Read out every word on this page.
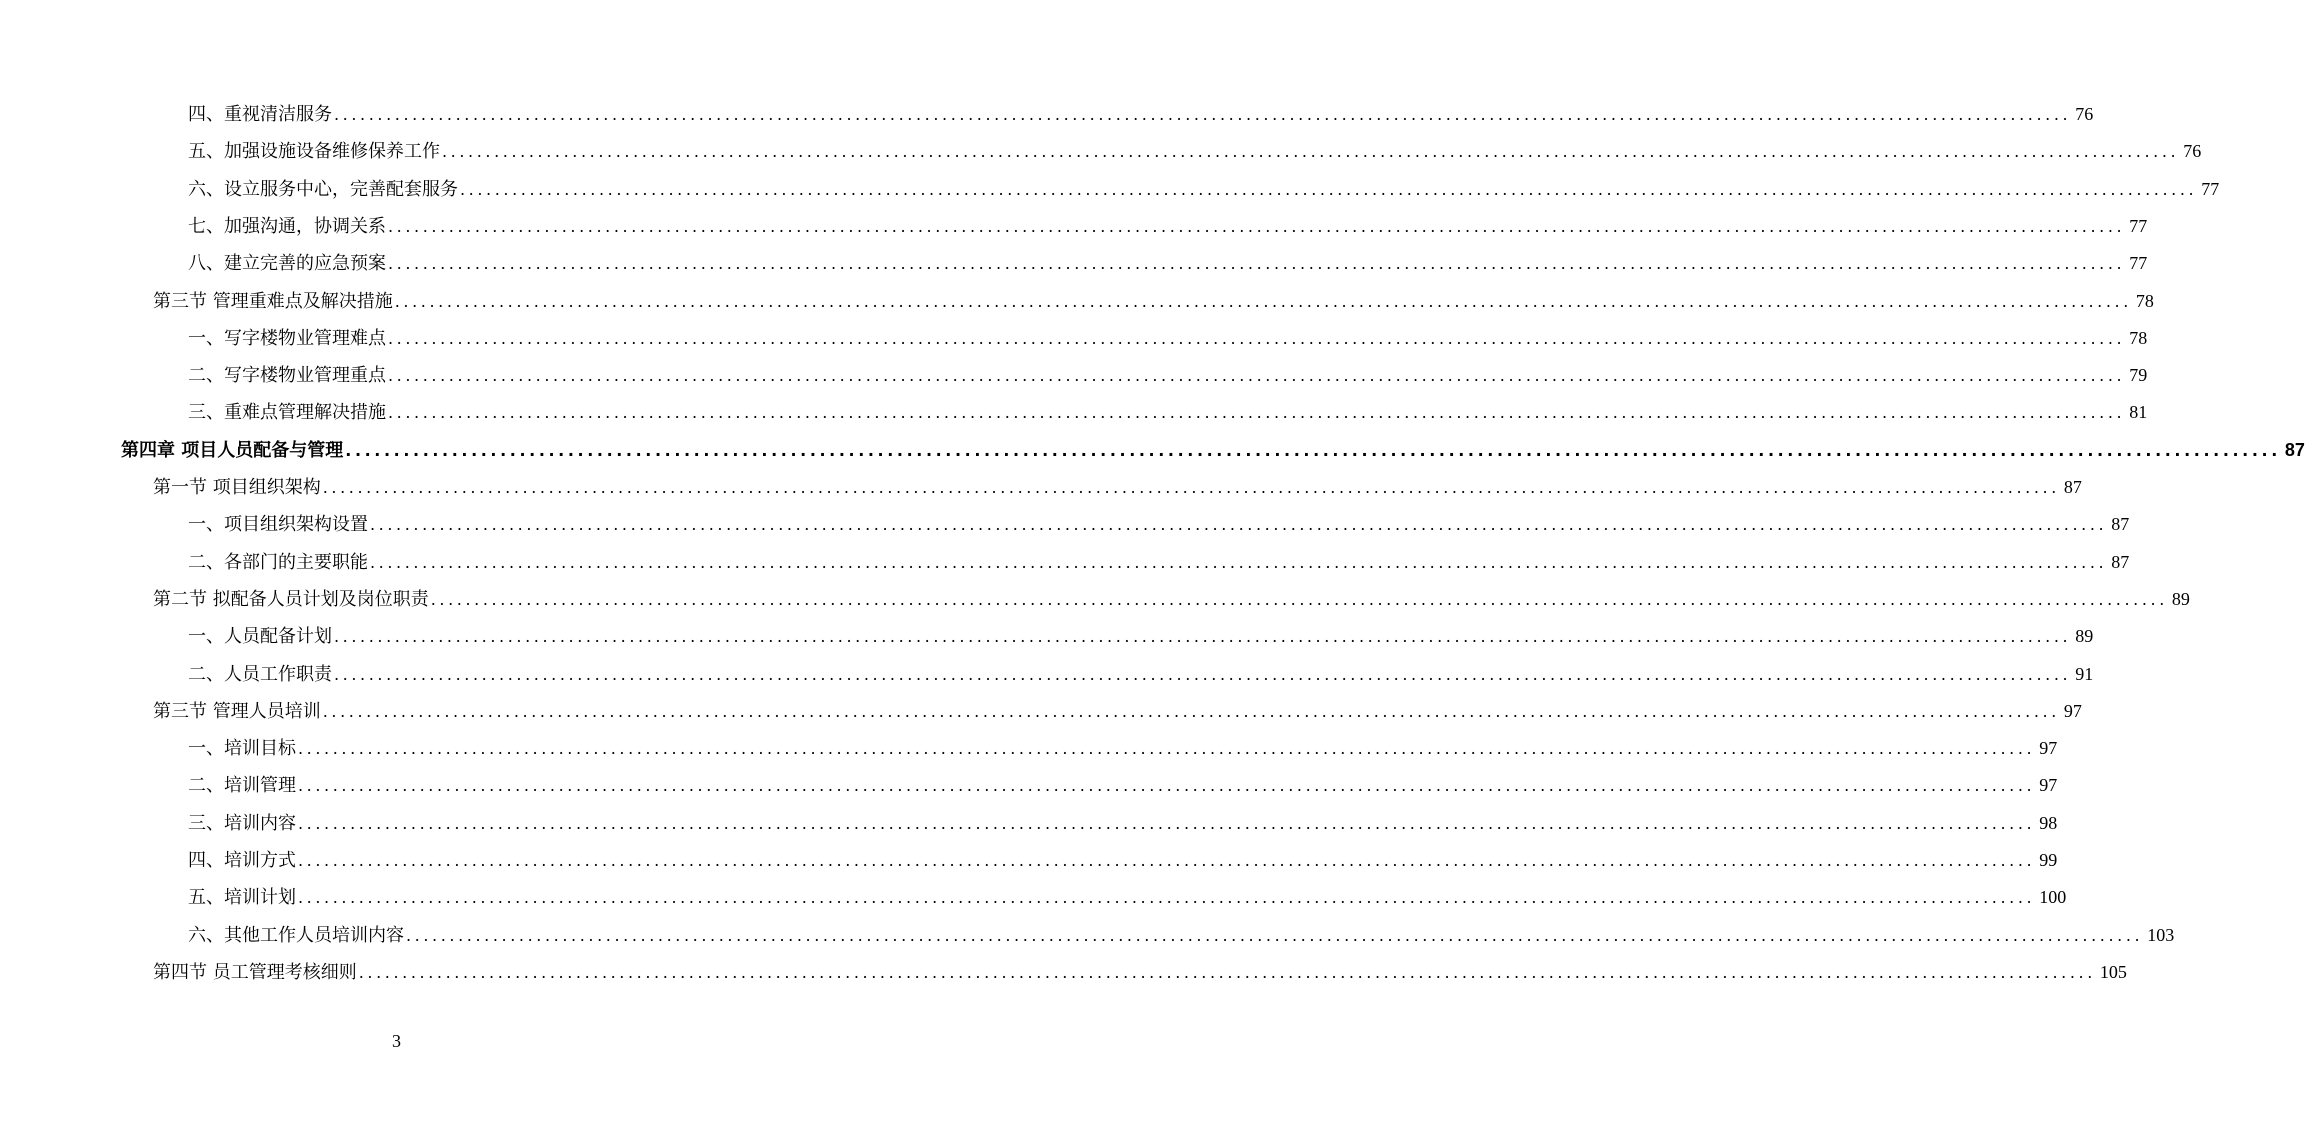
四、重视清洁服务 ........................................................................................................................................................................................................ 76
五、加强设施设备维修保养工作 ........................................................................................................................................................................................................ 76
六、设立服务中心，完善配套服务 ........................................................................................................................................................................................................ 77
七、加强沟通，协调关系 ........................................................................................................................................................................................................ 77
八、建立完善的应急预案 ........................................................................................................................................................................................................ 77
第三节 管理重难点及解决措施 ........................................................................................................................................................................................................ 78
一、写字楼物业管理难点 ........................................................................................................................................................................................................ 78
二、写字楼物业管理重点 ........................................................................................................................................................................................................ 79
三、重难点管理解决措施 ........................................................................................................................................................................................................ 81
第四章 项目人员配备与管理 ........................................................................................................................................................................................................ 87
第一节 项目组织架构 ........................................................................................................................................................................................................ 87
一、项目组织架构设置 ........................................................................................................................................................................................................ 87
二、各部门的主要职能 ........................................................................................................................................................................................................ 87
第二节 拟配备人员计划及岗位职责 ........................................................................................................................................................................................................ 89
一、人员配备计划 ........................................................................................................................................................................................................ 89
二、人员工作职责 ........................................................................................................................................................................................................ 91
第三节 管理人员培训 ........................................................................................................................................................................................................ 97
一、培训目标 ........................................................................................................................................................................................................ 97
二、培训管理 ........................................................................................................................................................................................................ 97
三、培训内容 ........................................................................................................................................................................................................ 98
四、培训方式 ........................................................................................................................................................................................................ 99
五、培训计划 ........................................................................................................................................................................................................ 100
六、其他工作人员培训内容 ........................................................................................................................................................................................................ 103
第四节 员工管理考核细则 ........................................................................................................................................................................................................ 105
3
